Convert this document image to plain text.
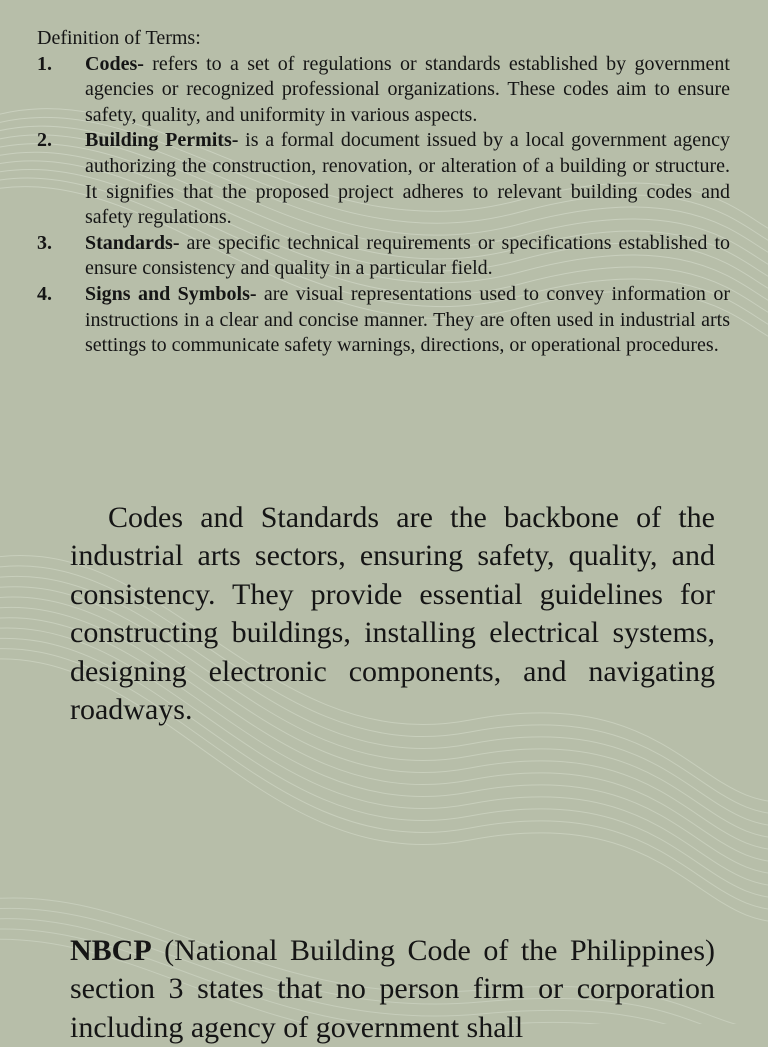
Definition of Terms:

1.	Codes- refers to a set of regulations or standards established by government agencies or recognized professional organizations. These codes aim to ensure safety, quality, and uniformity in various aspects.
2.	Building Permits- is a formal document issued by a local government agency authorizing the construction, renovation, or alteration of a building or structure. It signifies that the proposed project adheres to relevant building codes and safety regulations.
3.	Standards- are specific technical requirements or specifications established to ensure consistency and quality in a particular field.
4.	Signs and Symbols- are visual representations used to convey information or instructions in a clear and concise manner. They are often used in industrial arts settings to communicate safety warnings, directions, or operational procedures.

Codes and Standards are the backbone of the industrial arts sectors, ensuring safety, quality, and consistency. They provide essential guidelines for constructing buildings, installing electrical systems, designing electronic components, and navigating roadways.

NBCP (National Building Code of the Philippines) section 3 states that no person firm or corporation including agency of government shall
